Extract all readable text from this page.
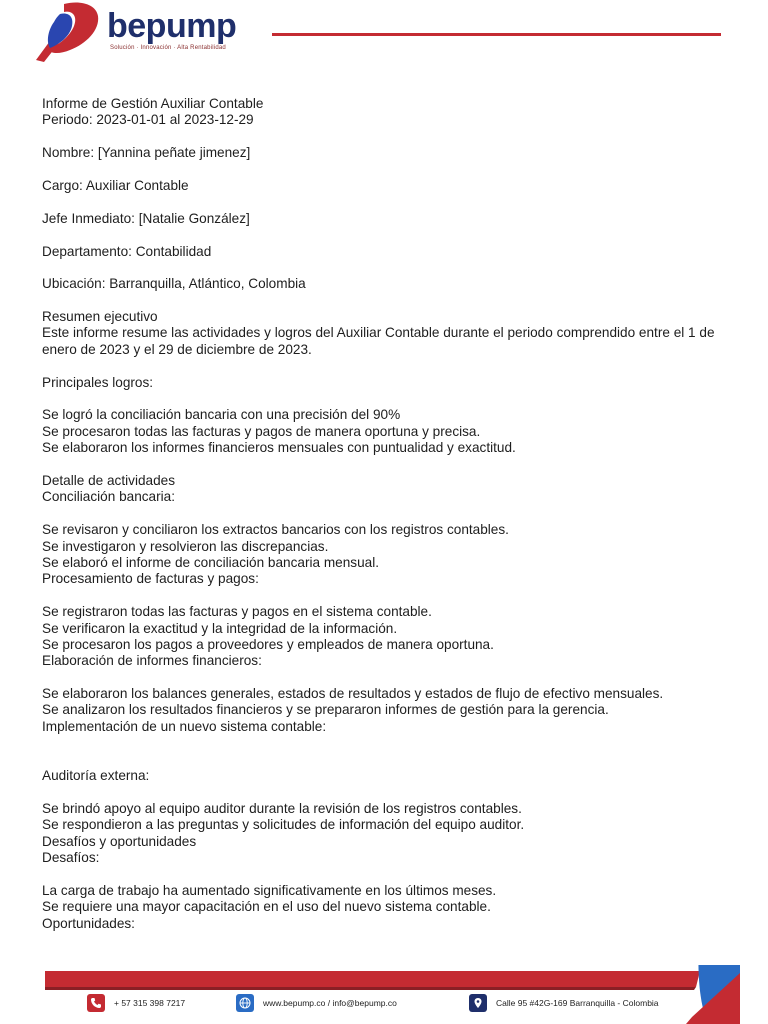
bepump
Solución · Innovación · Alta Rentabilidad
Informe de Gestión Auxiliar Contable
Periodo: 2023-01-01 al 2023-12-29
Nombre: [Yannina peñate jimenez]
Cargo: Auxiliar Contable
Jefe Inmediato: [Natalie González]
Departamento: Contabilidad
Ubicación: Barranquilla, Atlántico, Colombia
Resumen ejecutivo
Este informe resume las actividades y logros del Auxiliar Contable durante el periodo comprendido entre el 1 de enero de 2023 y el 29 de diciembre de 2023.
Principales logros:
Se logró la conciliación bancaria con una precisión del 90%
Se procesaron todas las facturas y pagos de manera oportuna y precisa.
Se elaboraron los informes financieros mensuales con puntualidad y exactitud.
Detalle de actividades
Conciliación bancaria:
Se revisaron y conciliaron los extractos bancarios con los registros contables.
Se investigaron y resolvieron las discrepancias.
Se elaboró el informe de conciliación bancaria mensual.
Procesamiento de facturas y pagos:
Se registraron todas las facturas y pagos en el sistema contable.
Se verificaron la exactitud y la integridad de la información.
Se procesaron los pagos a proveedores y empleados de manera oportuna.
Elaboración de informes financieros:
Se elaboraron los balances generales, estados de resultados y estados de flujo de efectivo mensuales.
Se analizaron los resultados financieros y se prepararon informes de gestión para la gerencia.
Implementación de un nuevo sistema contable:
Auditoría externa:
Se brindó apoyo al equipo auditor durante la revisión de los registros contables.
Se respondieron a las preguntas y solicitudes de información del equipo auditor.
Desafíos y oportunidades
Desafíos:
La carga de trabajo ha aumentado significativamente en los últimos meses.
Se requiere una mayor capacitación en el uso del nuevo sistema contable.
Oportunidades:
+ 57 315 398 7217	www.bepump.co / info@bepump.co	Calle 95 #42G-169 Barranquilla - Colombia
